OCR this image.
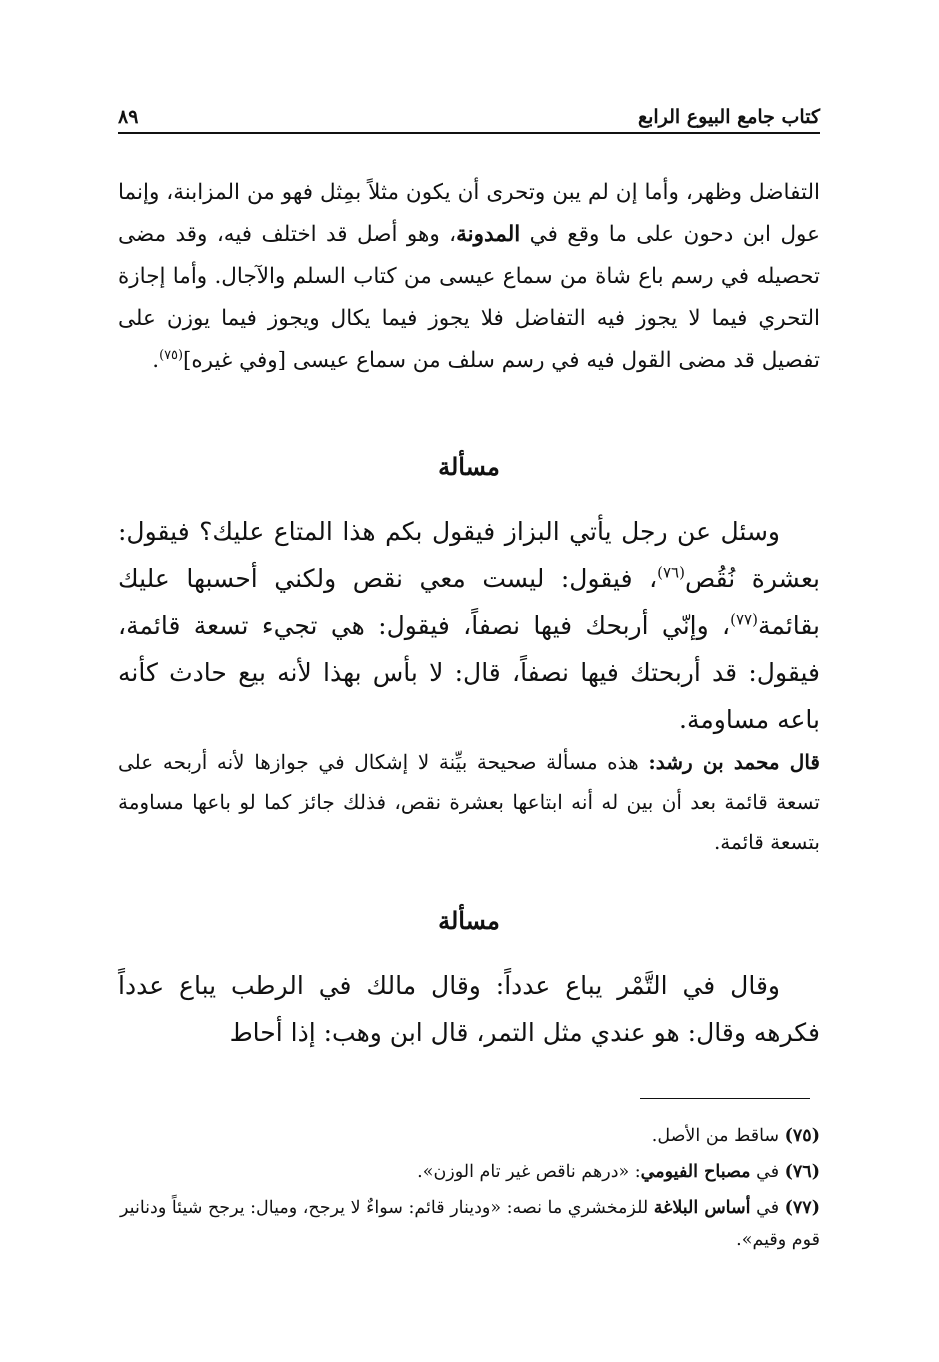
كتاب جامع البيوع الرابع
٨٩
التفاضل وظهر، وأما إن لم يبن وتحرى أن يكون مثلاً بمِثل فهو من المزابنة، وإنما عول ابن دحون على ما وقع في المدونة، وهو أصل قد اختلف فيه، وقد مضى تحصيله في رسم باع شاة من سماع عيسى من كتاب السلم والآجال. وأما إجازة التحري فيما لا يجوز فيه التفاضل فلا يجوز فيما يكال ويجوز فيما يوزن على تفصيل قد مضى القول فيه في رسم سلف من سماع عيسى [وفي غيره]$^{(٧٥)}$.
مسألة
وسئل عن رجل يأتي البزاز فيقول بكم هذا المتاع عليك؟ فيقول: بعشرة نُقُص$^{(٧٦)}$، فيقول: ليست معي نقص ولكني أحسبها عليك بقائمة$^{(٧٧)}$، وإنّي أربحك فيها نصفاً، فيقول: هي تجيء تسعة قائمة، فيقول: قد أربحتك فيها نصفاً، قال: لا بأس بهذا لأنه بيع حادث كأنه باعه مساومة.
قال محمد بن رشد: هذه مسألة صحيحة بيِّنة لا إشكال في جوازها لأنه أربحه على تسعة قائمة بعد أن بين له أنه ابتاعها بعشرة نقص، فذلك جائز كما لو باعها مساومة بتسعة قائمة.
مسألة
وقال في التَّمْر يباع عدداً: وقال مالك في الرطب يباع عدداً فكرهه وقال: هو عندي مثل التمر، قال ابن وهب: إذا أحاط

(٧٥) ساقط من الأصل.

(٧٦) في مصباح الفيومي: «درهم ناقص غير تام الوزن».

(٧٧) في أساس البلاغة للزمخشري ما نصه: «ودينار قائم: سواءٌ لا يرجح، وميال: يرجح شيئاً ودنانير قوم وقيم».
